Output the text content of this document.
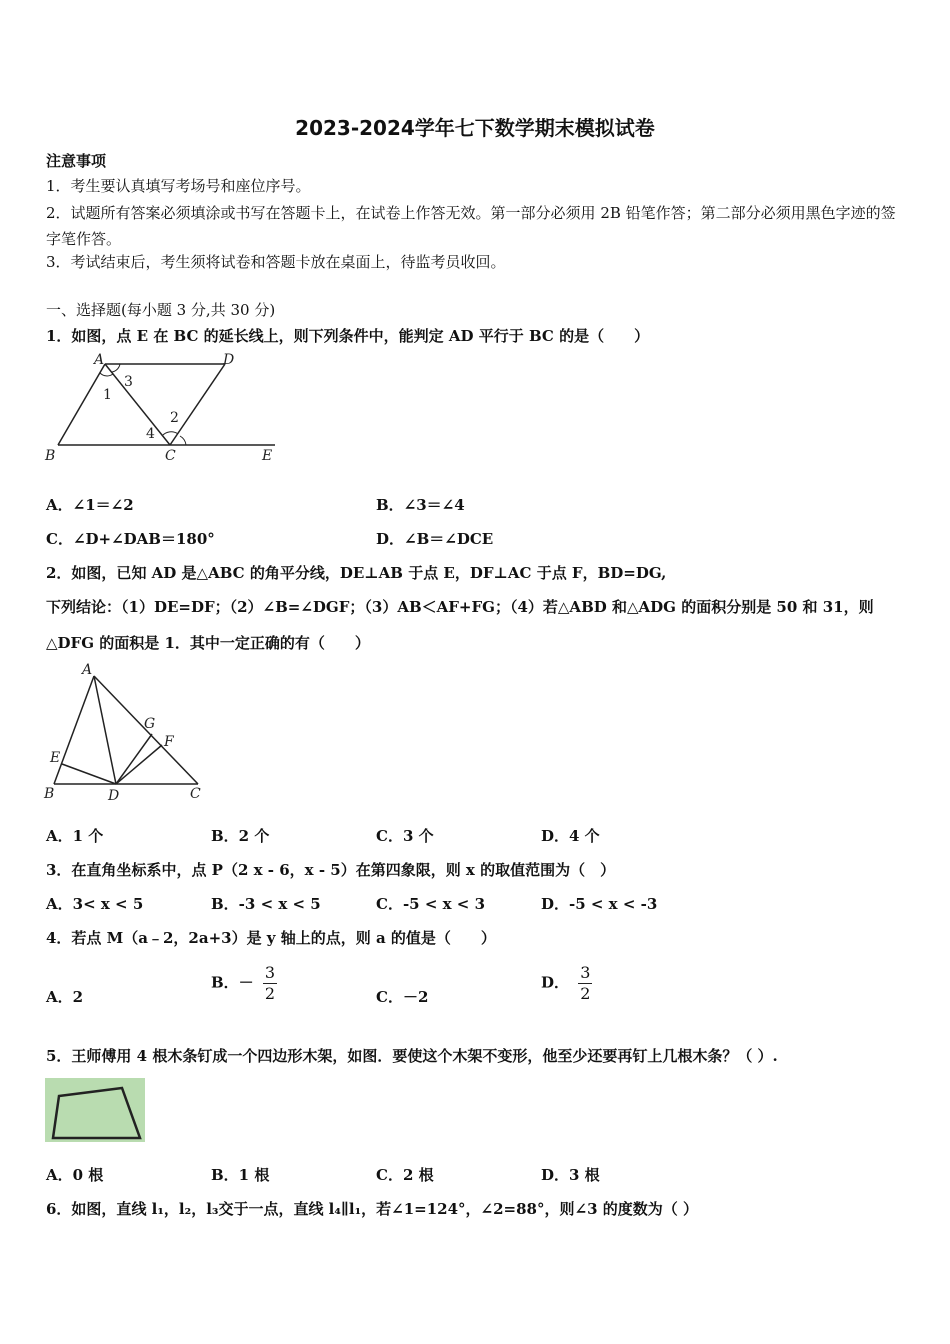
2023-2024学年七下数学期末模拟试卷
注意事项
1．考生要认真填写考场号和座位序号。
2．试题所有答案必须填涂或书写在答题卡上，在试卷上作答无效。第一部分必须用 2B 铅笔作答；第二部分必须用黑色字迹的签字笔作答。
3．考试结束后，考生须将试卷和答题卡放在桌面上，待监考员收回。
一、选择题(每小题 3 分,共 30 分)
1．如图，点 E 在 BC 的延长线上，则下列条件中，能判定 AD 平行于 BC 的是（　　）
A	D
3
1
2
4
B	C	E
A．∠1＝∠2	B．∠3＝∠4
C．∠D+∠DAB＝180°	D．∠B＝∠DCE
2．如图，已知 AD 是△ABC 的角平分线，DE⊥AB 于点 E，DF⊥AC 于点 F，BD=DG,
下列结论：（1）DE=DF；（2）∠B=∠DGF；（3）AB＜AF+FG；（4）若△ABD 和△ADG 的面积分别是 50 和 31，则
△DFG 的面积是 1．其中一定正确的有（　　）
A
G
F
E
B	D	C
A．1 个	B．2 个	C．3 个	D．4 个
3．在直角坐标系中，点 P（2 x - 6，x - 5）在第四象限，则 x 的取值范围为（　）
A．3< x < 5	B．-3 < x < 5	C．-5 < x < 3	D．-5 < x < -3
4．若点 M（a﹣2，2a+3）是 y 轴上的点，则 a 的值是（　　）
A．2
B．－ $\frac{3}{2}$	C．－2
D． $\frac{3}{2}$
5．王师傅用 4 根木条钉成一个四边形木架，如图．要使这个木架不变形，他至少还要再钉上几根木条？（ ）.
A．0 根	B．1 根	C．2 根	D．3 根
6．如图，直线 l₁，l₂，l₃交于一点，直线 l₄∥l₁，若∠1=124°，∠2=88°，则∠3 的度数为（ ）
